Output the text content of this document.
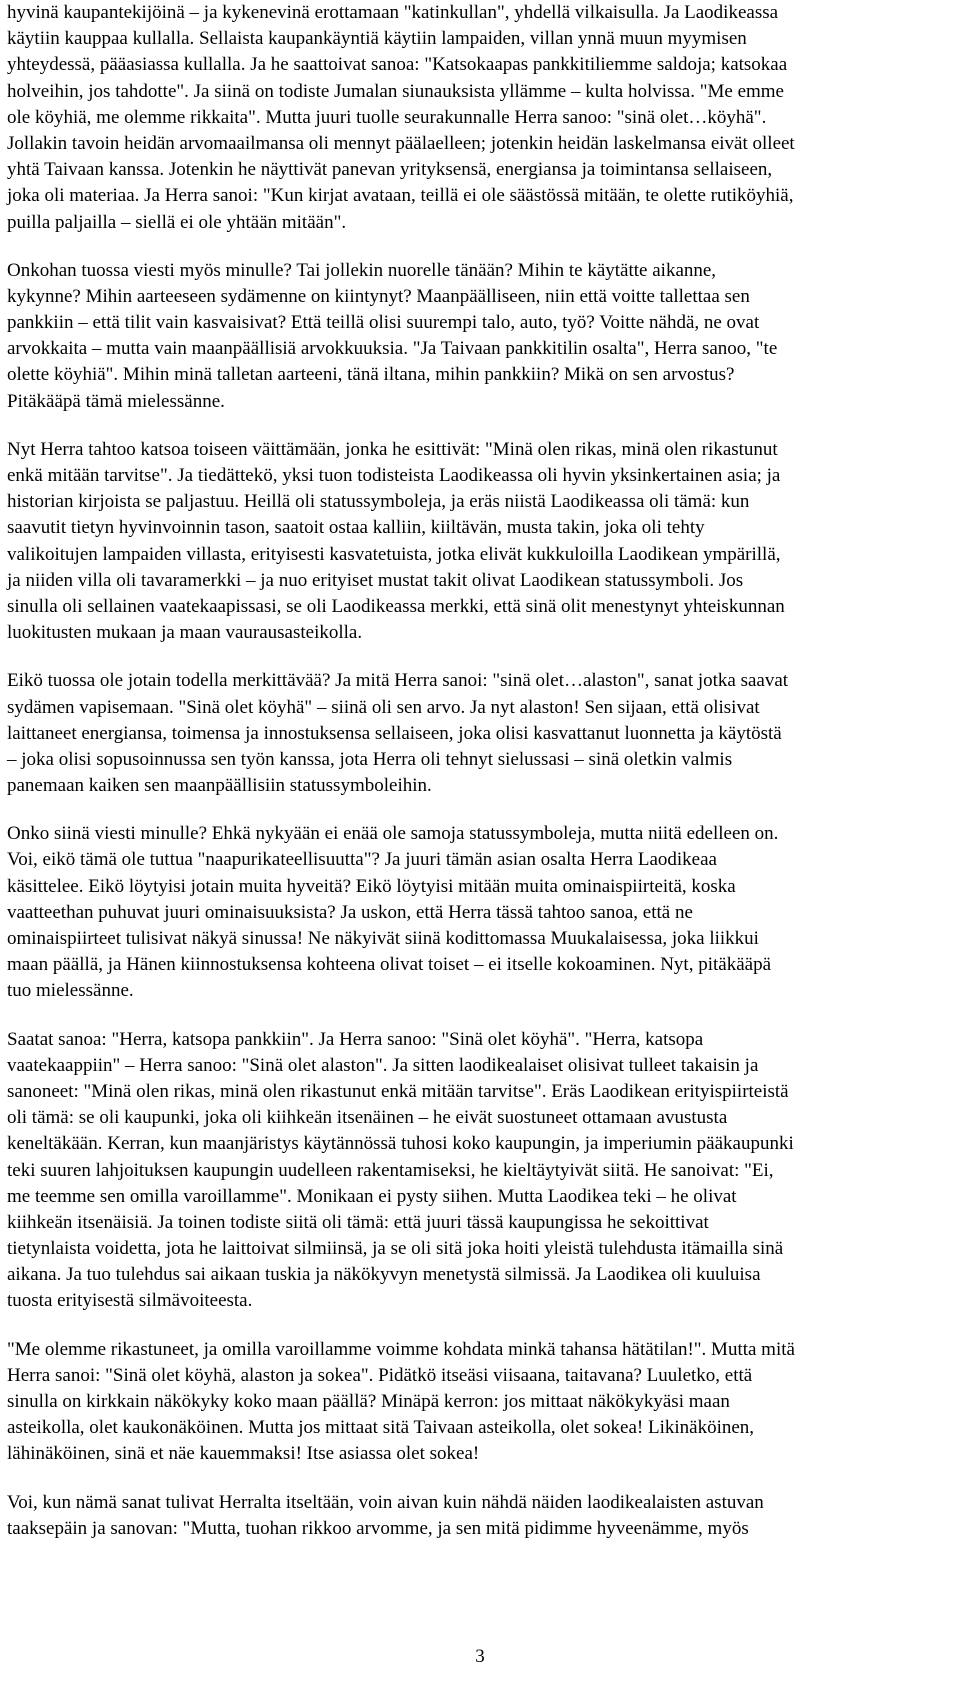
hyvinä kaupantekijöinä – ja kykenevinä erottamaan "katinkullan", yhdellä vilkaisulla. Ja Laodikeassa
käytiin kauppaa kullalla. Sellaista kaupankäyntiä käytiin lampaiden, villan ynnä muun myymisen
yhteydessä, pääasiassa kullalla. Ja he saattoivat sanoa: "Katsokaapas pankkitiliemme saldoja; katsokaa
holveihin, jos tahdotte". Ja siinä on todiste Jumalan siunauksista yllämme – kulta holvissa. "Me emme
ole köyhiä, me olemme rikkaita". Mutta juuri tuolle seurakunnalle Herra sanoo: "sinä olet…köyhä".
Jollakin tavoin heidän arvomaailmansa oli mennyt päälaelleen; jotenkin heidän laskelmansa eivät olleet
yhtä Taivaan kanssa. Jotenkin he näyttivät panevan yrityksensä, energiansa ja toimintansa sellaiseen,
joka oli materiaa. Ja Herra sanoi: "Kun kirjat avataan, teillä ei ole säästössä mitään, te olette rutiköyhiä,
puilla paljailla – siellä ei ole yhtään mitään".
Onkohan tuossa viesti myös minulle? Tai jollekin nuorelle tänään? Mihin te käytätte aikanne,
kykynne? Mihin aarteeseen sydämenne on kiintynyt? Maanpäälliseen, niin että voitte tallettaa sen
pankkiin – että tilit vain kasvaisivat? Että teillä olisi suurempi talo, auto, työ? Voitte nähdä, ne ovat
arvokkaita – mutta vain maanpäällisiä arvokkuuksia. "Ja Taivaan pankkitilin osalta", Herra sanoo, "te
olette köyhiä". Mihin minä talletan aarteeni, tänä iltana, mihin pankkiin? Mikä on sen arvostus?
Pitäkääpä tämä mielessänne.
Nyt Herra tahtoo katsoa toiseen väittämään, jonka he esittivät: "Minä olen rikas, minä olen rikastunut
enkä mitään tarvitse". Ja tiedättekö, yksi tuon todisteista Laodikeassa oli hyvin yksinkertainen asia; ja
historian kirjoista se paljastuu. Heillä oli statussymboleja, ja eräs niistä Laodikeassa oli tämä: kun
saavutit tietyn hyvinvoinnin tason, saatoit ostaa kalliin, kiiltävän, musta takin, joka oli tehty
valikoitujen lampaiden villasta, erityisesti kasvatetuista, jotka elivät kukkuloilla Laodikean ympärillä,
ja niiden villa oli tavaramerkki – ja nuo erityiset mustat takit olivat Laodikean statussymboli. Jos
sinulla oli sellainen vaatekaapissasi, se oli Laodikeassa merkki, että sinä olit menestynyt yhteiskunnan
luokitusten mukaan ja maan vaurausasteikolla.
Eikö tuossa ole jotain todella merkittävää? Ja mitä Herra sanoi: "sinä olet…alaston", sanat jotka saavat
sydämen vapisemaan. "Sinä olet köyhä" – siinä oli sen arvo. Ja nyt alaston! Sen sijaan, että olisivat
laittaneet energiansa, toimensa ja innostuksensa sellaiseen, joka olisi kasvattanut luonnetta ja käytöstä
– joka olisi sopusoinnussa sen työn kanssa, jota Herra oli tehnyt sielussasi – sinä oletkin valmis
panemaan kaiken sen maanpäällisiin statussymboleihin.
Onko siinä viesti minulle? Ehkä nykyään ei enää ole samoja statussymboleja, mutta niitä edelleen on.
Voi, eikö tämä ole tuttua "naapurikateellisuutta"? Ja juuri tämän asian osalta Herra Laodikeaa
käsittelee. Eikö löytyisi jotain muita hyveitä? Eikö löytyisi mitään muita ominaispiirteitä, koska
vaatteethan puhuvat juuri ominaisuuksista? Ja uskon, että Herra tässä tahtoo sanoa, että ne
ominaispiirteet tulisivat näkyä sinussa! Ne näkyivät siinä kodittomassa Muukalaisessa, joka liikkui
maan päällä, ja Hänen kiinnostuksensa kohteena olivat toiset – ei itselle kokoaminen. Nyt, pitäkääpä
tuo mielessänne.
Saatat sanoa: "Herra, katsopa pankkiin". Ja Herra sanoo: "Sinä olet köyhä". "Herra, katsopa
vaatekaappiin" – Herra sanoo: "Sinä olet alaston". Ja sitten laodikealaiset olisivat tulleet takaisin ja
sanoneet: "Minä olen rikas, minä olen rikastunut enkä mitään tarvitse". Eräs Laodikean erityispiirteistä
oli tämä: se oli kaupunki, joka oli kiihkeän itsenäinen – he eivät suostuneet ottamaan avustusta
keneltäkään. Kerran, kun maanjäristys käytännössä tuhosi koko kaupungin, ja imperiumin pääkaupunki
teki suuren lahjoituksen kaupungin uudelleen rakentamiseksi, he kieltäytyivät siitä. He sanoivat: "Ei,
me teemme sen omilla varoillamme". Monikaan ei pysty siihen. Mutta Laodikea teki – he olivat
kiihkeän itsenäisiä. Ja toinen todiste siitä oli tämä: että juuri tässä kaupungissa he sekoittivat
tietynlaista voidetta, jota he laittoivat silmiinsä, ja se oli sitä joka hoiti yleistä tulehdusta itämailla sinä
aikana. Ja tuo tulehdus sai aikaan tuskia ja näkökyvyn menetystä silmissä. Ja Laodikea oli kuuluisa
tuosta erityisestä silmävoiteesta.
"Me olemme rikastuneet, ja omilla varoillamme voimme kohdata minkä tahansa hätätilan!". Mutta mitä
Herra sanoi: "Sinä olet köyhä, alaston ja sokea". Pidätkö itseäsi viisaana, taitavana? Luuletko, että
sinulla on kirkkain näkökyky koko maan päällä? Minäpä kerron: jos mittaat näkökykyäsi maan
asteikolla, olet kaukonäköinen. Mutta jos mittaat sitä Taivaan asteikolla, olet sokea! Likinäköinen,
lähinäköinen, sinä et näe kauemmaksi! Itse asiassa olet sokea!
Voi, kun nämä sanat tulivat Herralta itseltään, voin aivan kuin nähdä näiden laodikealaisten astuvan
taaksepäin ja sanovan: "Mutta, tuohan rikkoo arvomme, ja sen mitä pidimme hyveenämme, myös
3
